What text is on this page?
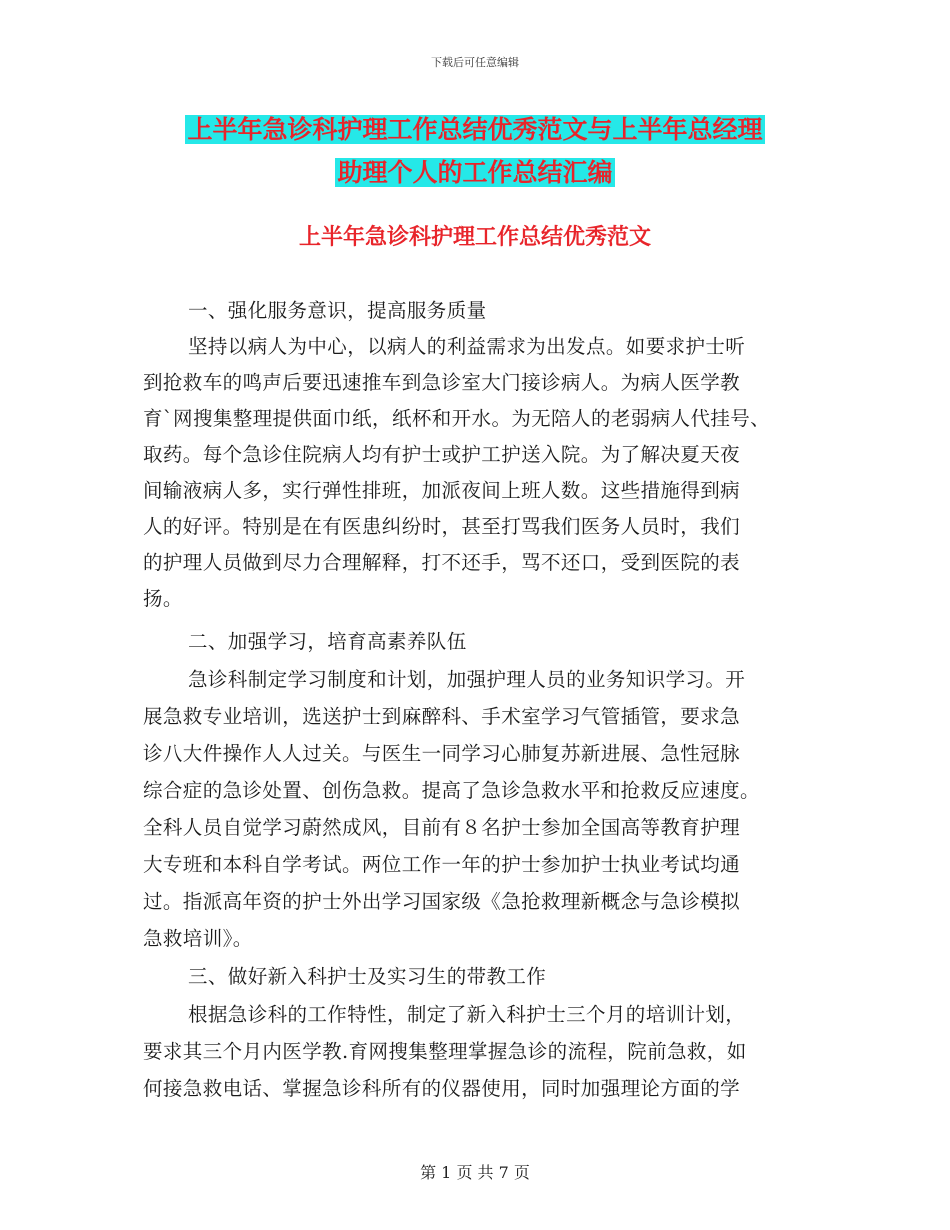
下载后可任意编辑
上半年急诊科护理工作总结优秀范文与上半年总经理
助理个人的工作总结汇编
上半年急诊科护理工作总结优秀范文
一、强化服务意识，提高服务质量
坚持以病人为中心，以病人的利益需求为出发点。如要求护士听
到抢救车的鸣声后要迅速推车到急诊室大门接诊病人。为病人医学教
育`网搜集整理提供面巾纸，纸杯和开水。为无陪人的老弱病人代挂号、
取药。每个急诊住院病人均有护士或护工护送入院。为了解决夏天夜
间输液病人多，实行弹性排班，加派夜间上班人数。这些措施得到病
人的好评。特别是在有医患纠纷时，甚至打骂我们医务人员时，我们
的护理人员做到尽力合理解释，打不还手，骂不还口，受到医院的表
扬。
二、加强学习，培育高素养队伍
急诊科制定学习制度和计划，加强护理人员的业务知识学习。开
展急救专业培训，选送护士到麻醉科、手术室学习气管插管，要求急
诊八大件操作人人过关。与医生一同学习心肺复苏新进展、急性冠脉
综合症的急诊处置、创伤急救。提高了急诊急救水平和抢救反应速度。
全科人员自觉学习蔚然成风，目前有８名护士参加全国高等教育护理
大专班和本科自学考试。两位工作一年的护士参加护士执业考试均通
过。指派高年资的护士外出学习国家级《急抢救理新概念与急诊模拟
急救培训》。
三、做好新入科护士及实习生的带教工作
根据急诊科的工作特性，制定了新入科护士三个月的培训计划，
要求其三个月内医学教.育网搜集整理掌握急诊的流程，院前急救，如
何接急救电话、掌握急诊科所有的仪器使用，同时加强理论方面的学
第 1 页 共 7 页
